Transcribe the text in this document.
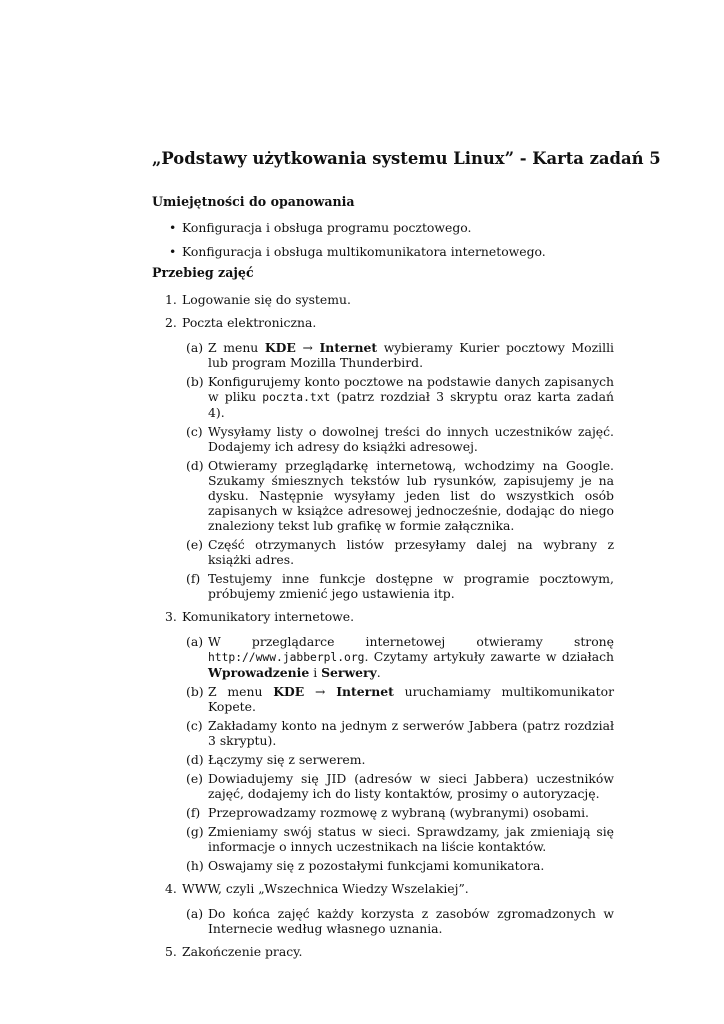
„Podstawy użytkowania systemu Linux” - Karta zadań 5
Umiejętności do opanowania
• Konfiguracja i obsługa programu pocztowego.
• Konfiguracja i obsługa multikomunikatora internetowego.
Przebieg zajęć
1. Logowanie się do systemu.
2. Poczta elektroniczna.
(a) Z menu KDE → Internet wybieramy Kurier pocztowy Mozilli lub program Mozilla Thunderbird.
(b) Konfigurujemy konto pocztowe na podstawie danych zapisanych w pliku poczta.txt (patrz rozdział 3 skryptu oraz karta zadań 4).
(c) Wysyłamy listy o dowolnej treści do innych uczestników zajęć. Dodajemy ich adresy do książki adresowej.
(d) Otwieramy przeglądarkę internetową, wchodzimy na Google. Szukamy śmiesznych tekstów lub rysunków, zapisujemy je na dysku. Następnie wysyłamy jeden list do wszystkich osób zapisanych w książce adresowej jednocześnie, dodając do niego znaleziony tekst lub grafikę w formie załącznika.
(e) Część otrzymanych listów przesyłamy dalej na wybrany z książki adres.
(f) Testujemy inne funkcje dostępne w programie pocztowym, próbujemy zmienić jego ustawienia itp.
3. Komunikatory internetowe.
(a) W przeglądarce internetowej otwieramy stronę http://www.jabberpl.org. Czytamy artykuły zawarte w działach Wprowadzenie i Serwery.
(b) Z menu KDE → Internet uruchamiamy multikomunikator Kopete.
(c) Zakładamy konto na jednym z serwerów Jabbera (patrz rozdział 3 skryptu).
(d) Łączymy się z serwerem.
(e) Dowiadujemy się JID (adresów w sieci Jabbera) uczestników zajęć, dodajemy ich do listy kontaktów, prosimy o autoryzację.
(f) Przeprowadzamy rozmowę z wybraną (wybranymi) osobami.
(g) Zmieniamy swój status w sieci. Sprawdzamy, jak zmieniają się informacje o innych uczestnikach na liście kontaktów.
(h) Oswajamy się z pozostałymi funkcjami komunikatora.
4. WWW, czyli „Wszechnica Wiedzy Wszelakiej”.
(a) Do końca zajęć każdy korzysta z zasobów zgromadzonych w Internecie według własnego uznania.
5. Zakończenie pracy.
